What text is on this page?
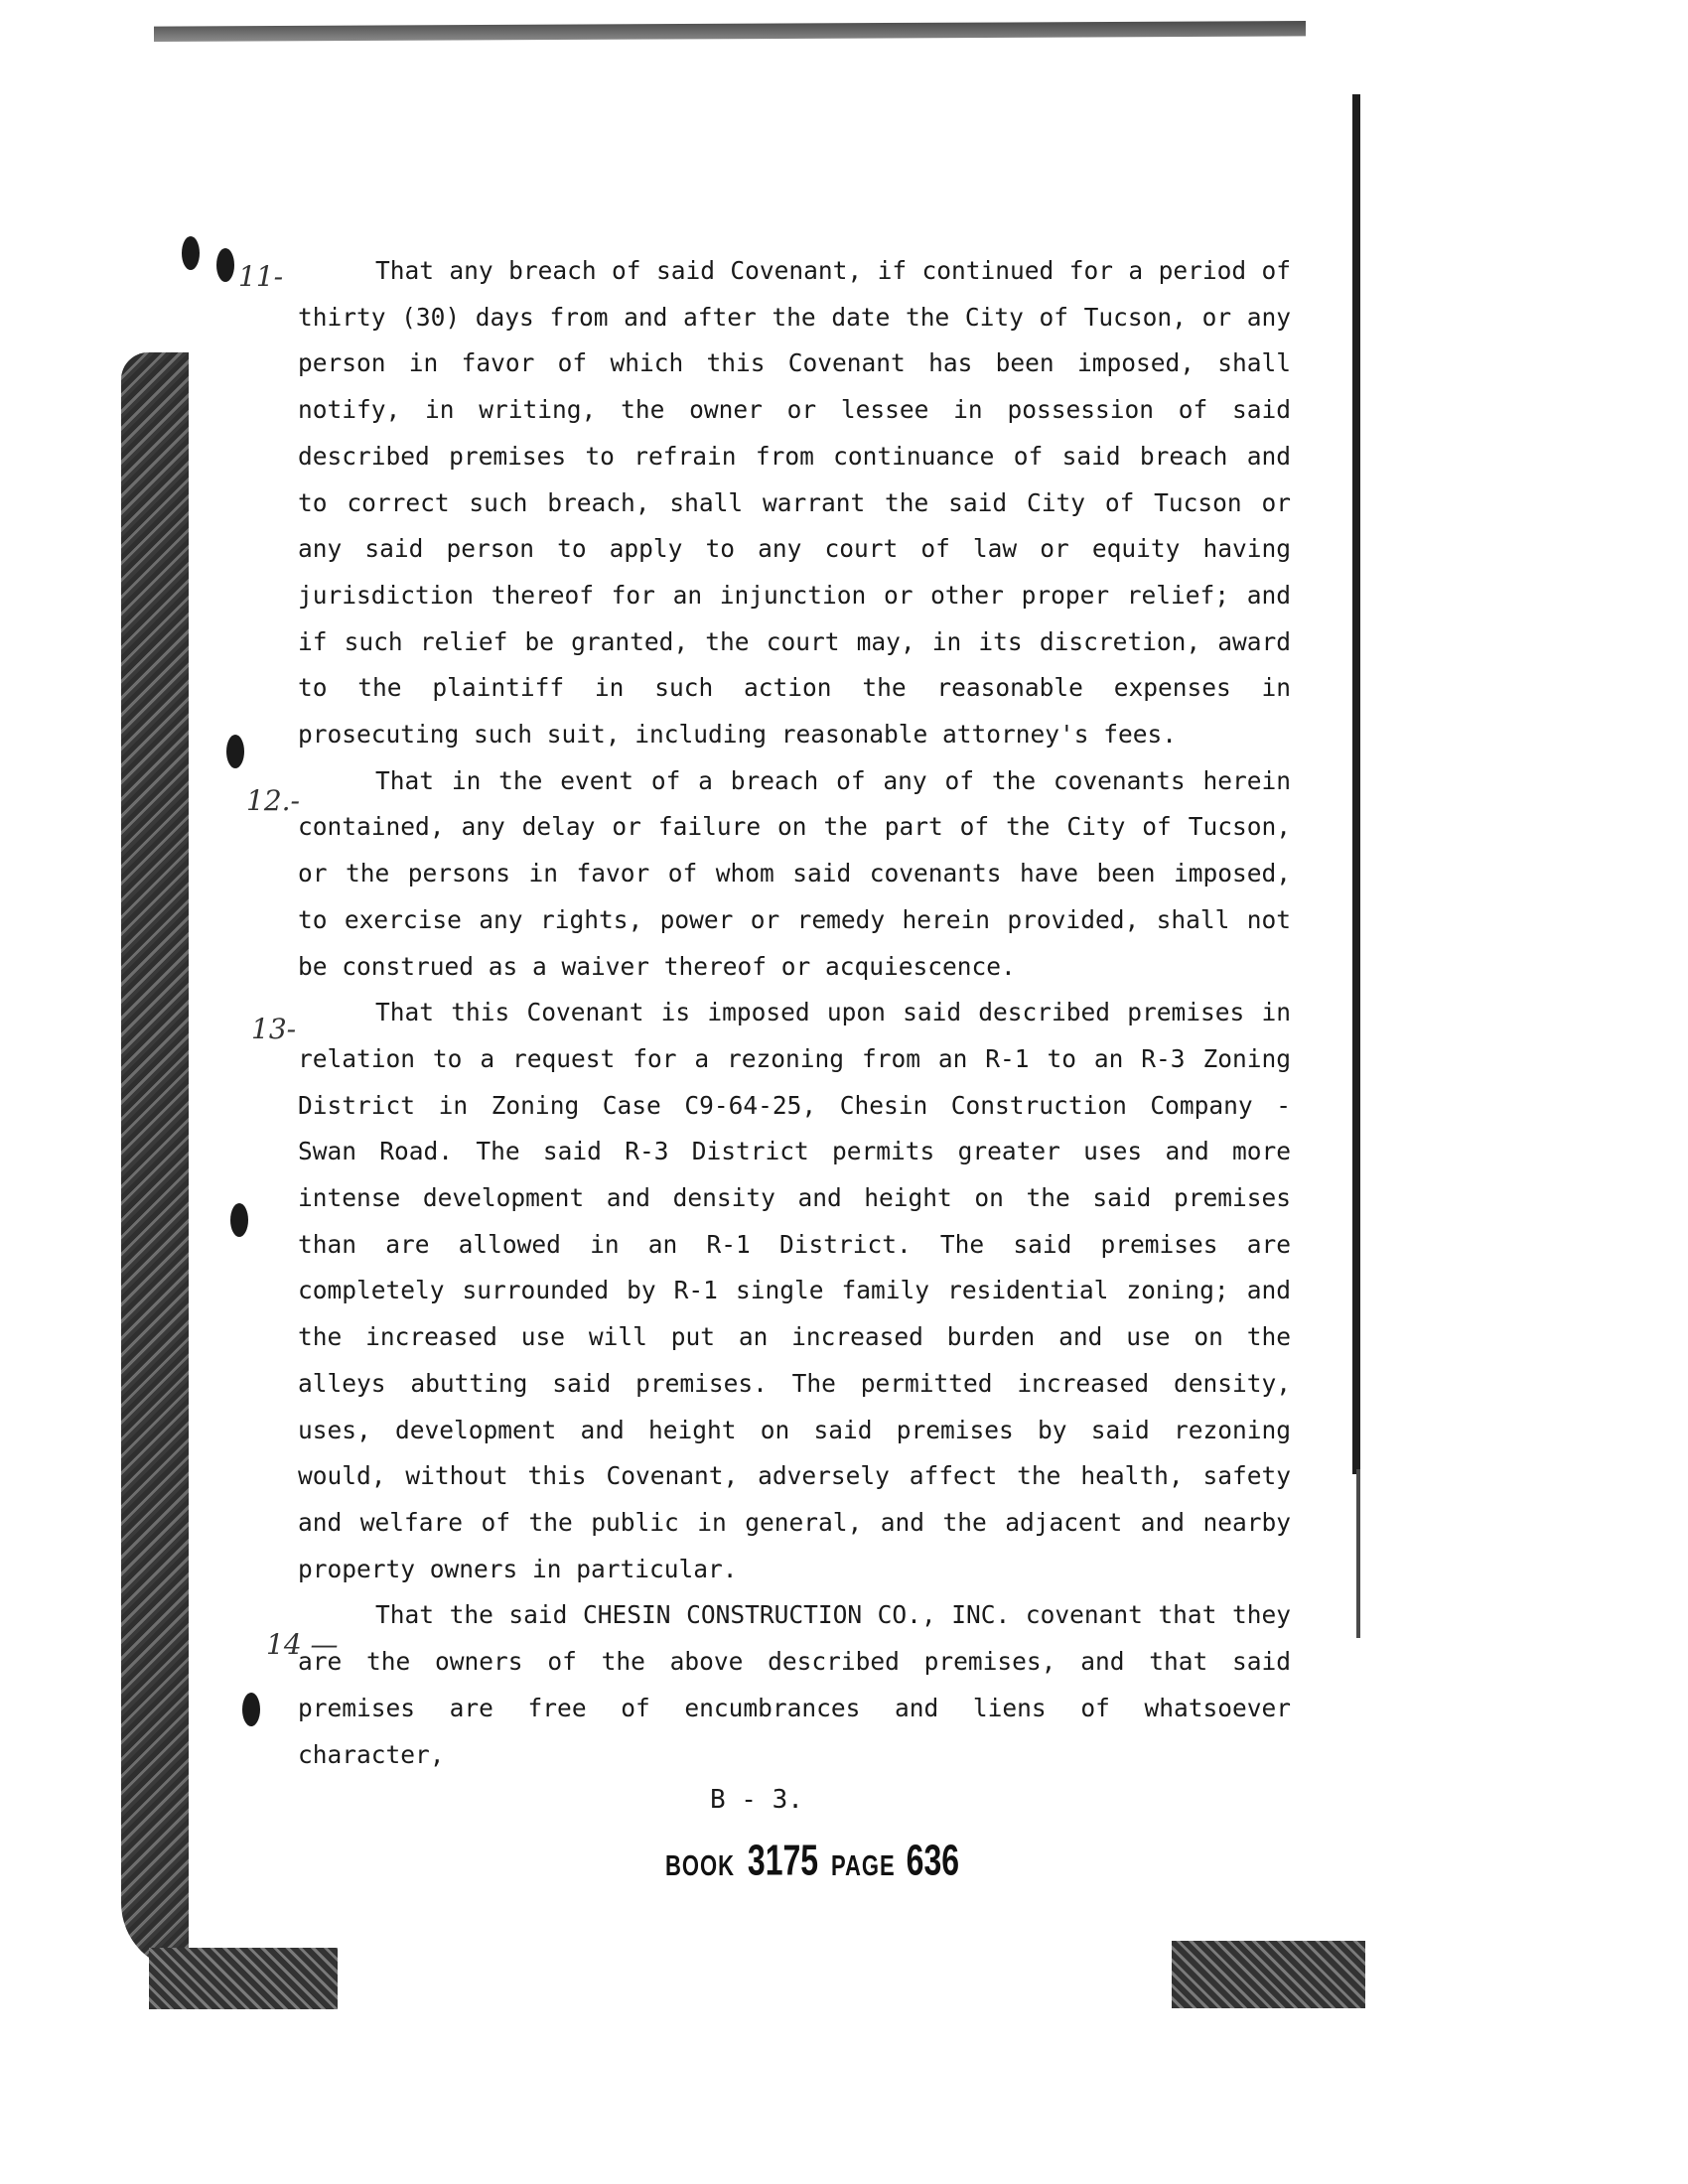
11-
12.-
13-
14 —

That any breach of said Covenant, if continued for a period of thirty (30) days from and after the date the City of Tucson, or any person in favor of which this Covenant has been imposed, shall notify, in writing, the owner or lessee in possession of said described premises to refrain from continuance of said breach and to correct such breach, shall warrant the said City of Tucson or any said person to apply to any court of law or equity having jurisdiction thereof for an injunction or other proper relief; and if such relief be granted, the court may, in its discretion, award to the plaintiff in such action the reasonable expenses in prosecuting such suit, including reasonable attorney's fees.

That in the event of a breach of any of the covenants herein contained, any delay or failure on the part of the City of Tucson, or the persons in favor of whom said covenants have been imposed, to exercise any rights, power or remedy herein provided, shall not be construed as a waiver thereof or acquiescence.

That this Covenant is imposed upon said described premises in relation to a request for a rezoning from an R-1 to an R-3 Zoning District in Zoning Case C9-64-25, Chesin Construction Company - Swan Road. The said R-3 District permits greater uses and more intense development and density and height on the said premises than are allowed in an R-1 District. The said premises are completely surrounded by R-1 single family residential zoning; and the increased use will put an increased burden and use on the alleys abutting said premises. The permitted increased density, uses, development and height on said premises by said rezoning would, without this Covenant, adversely affect the health, safety and welfare of the public in general, and the adjacent and nearby property owners in particular.

That the said CHESIN CONSTRUCTION CO., INC. covenant that they are the owners of the above described premises, and that said premises are free of encumbrances and liens of whatsoever character,

B - 3.
BOOK 3175 PAGE 636
